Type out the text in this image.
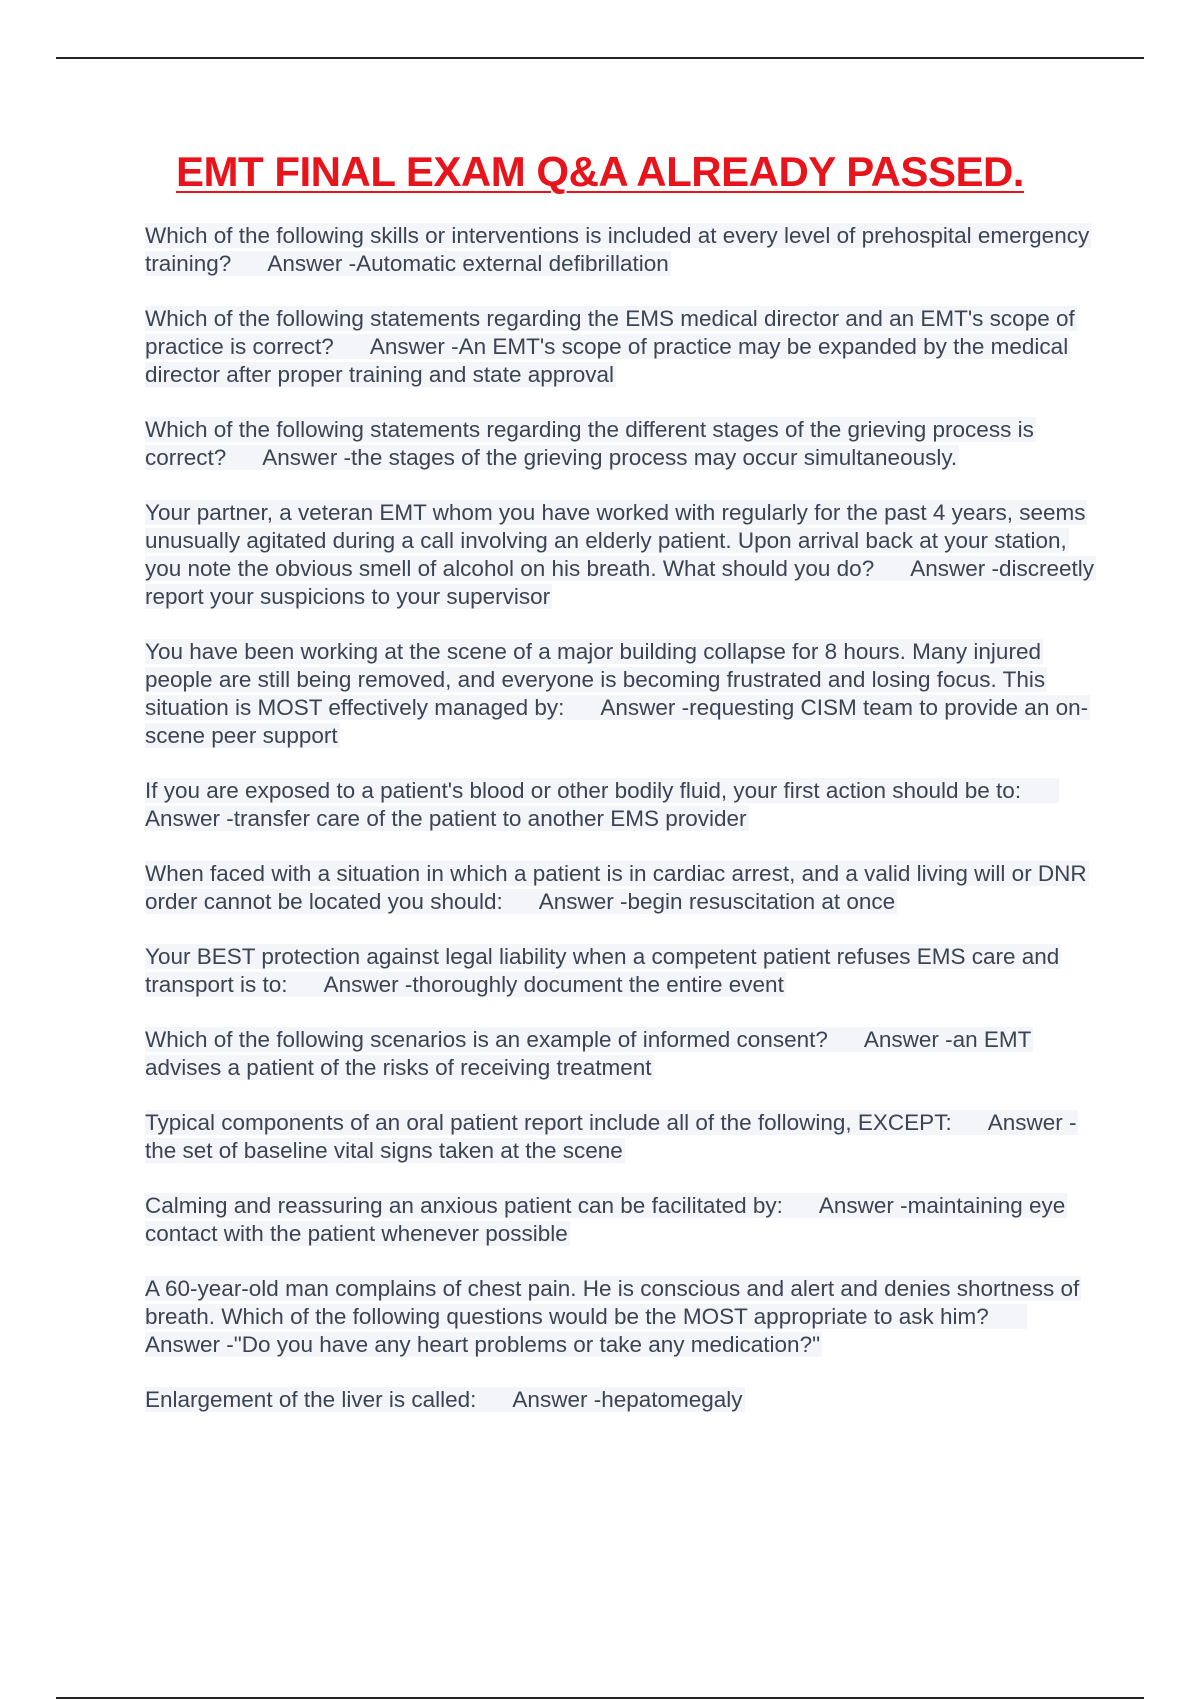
EMT FINAL EXAM Q&A ALREADY PASSED.
Which of the following skills or interventions is included at every level of prehospital emergency training? Answer -Automatic external defibrillation
Which of the following statements regarding the EMS medical director and an EMT's scope of practice is correct? Answer -An EMT's scope of practice may be expanded by the medical director after proper training and state approval
Which of the following statements regarding the different stages of the grieving process is correct? Answer -the stages of the grieving process may occur simultaneously.
Your partner, a veteran EMT whom you have worked with regularly for the past 4 years, seems unusually agitated during a call involving an elderly patient. Upon arrival back at your station, you note the obvious smell of alcohol on his breath. What should you do? Answer -discreetly report your suspicions to your supervisor
You have been working at the scene of a major building collapse for 8 hours. Many injured people are still being removed, and everyone is becoming frustrated and losing focus. This situation is MOST effectively managed by: Answer -requesting CISM team to provide an on-scene peer support
If you are exposed to a patient's blood or other bodily fluid, your first action should be to:Answer -transfer care of the patient to another EMS provider
When faced with a situation in which a patient is in cardiac arrest, and a valid living will or DNR order cannot be located you should: Answer -begin resuscitation at once
Your BEST protection against legal liability when a competent patient refuses EMS care and transport is to: Answer -thoroughly document the entire event
Which of the following scenarios is an example of informed consent? Answer -an EMT advises a patient of the risks of receiving treatment
Typical components of an oral patient report include all of the following, EXCEPT: Answer -the set of baseline vital signs taken at the scene
Calming and reassuring an anxious patient can be facilitated by: Answer -maintaining eye contact with the patient whenever possible
A 60-year-old man complains of chest pain. He is conscious and alert and denies shortness of breath. Which of the following questions would be the MOST appropriate to ask him?Answer -"Do you have any heart problems or take any medication?"
Enlargement of the liver is called: Answer -hepatomegaly
